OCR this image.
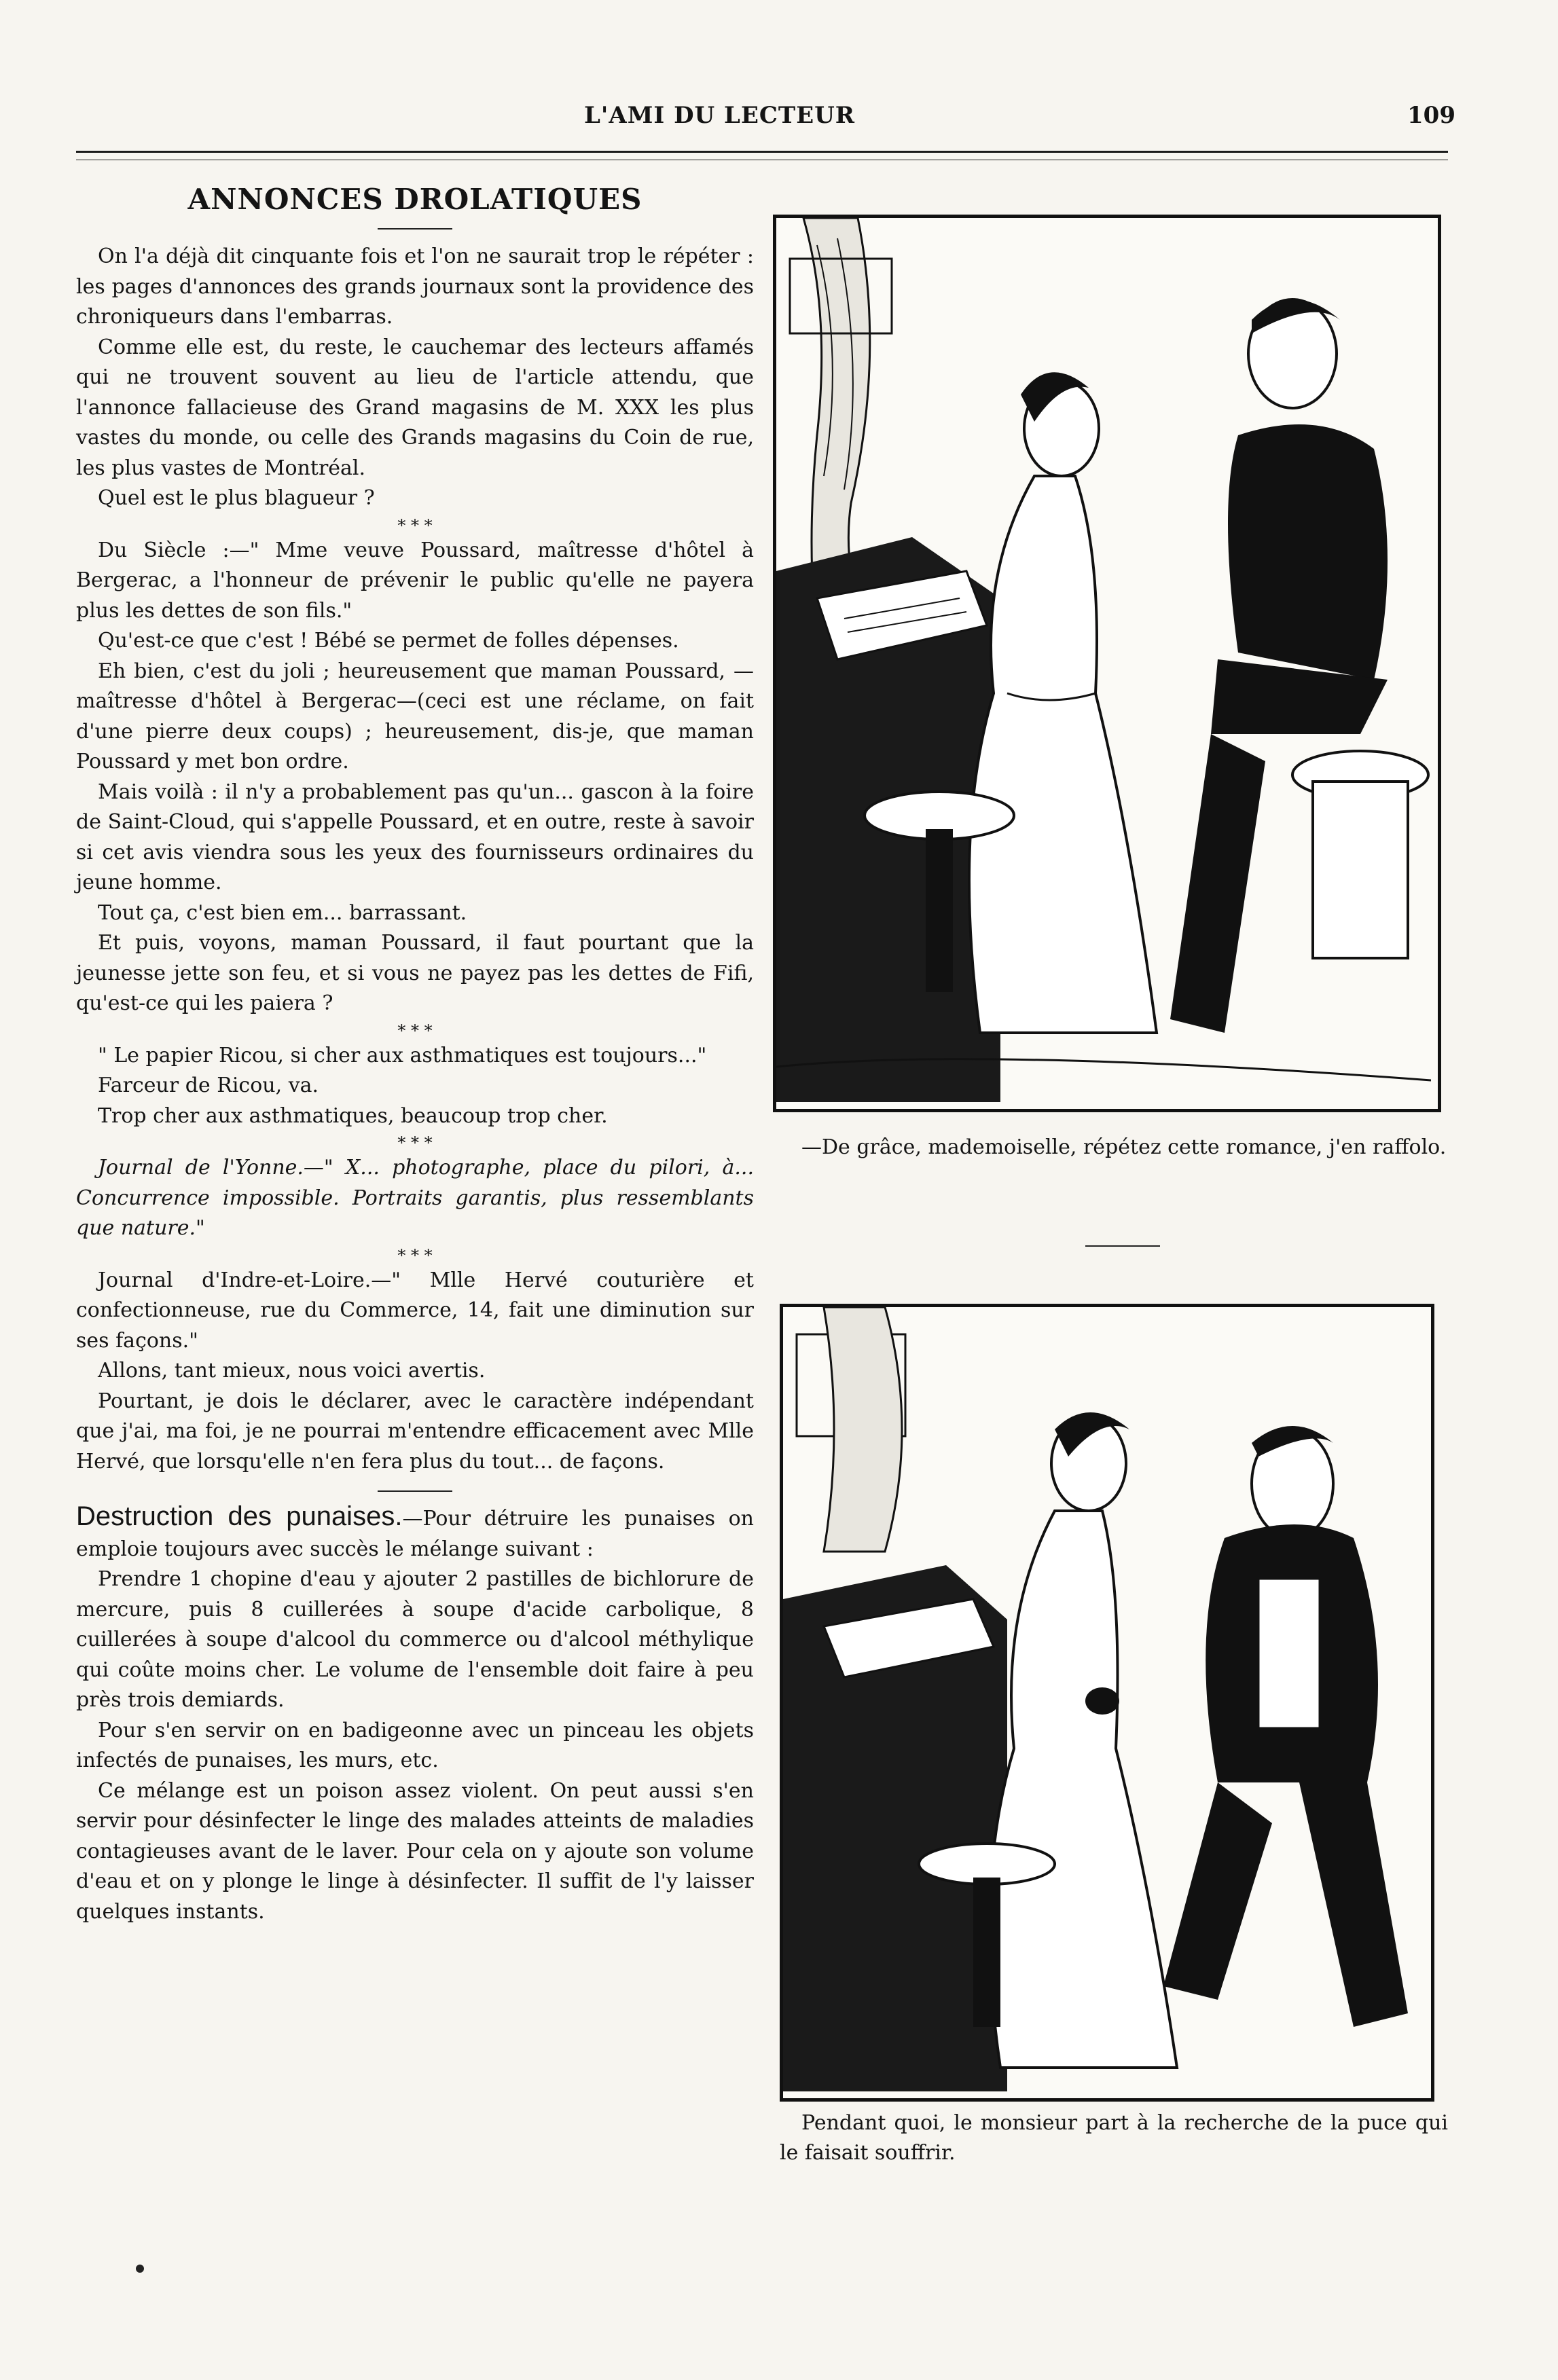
L'AMI DU LECTEUR	109
ANNONCES DROLATIQUES

On l'a déjà dit cinquante fois et l'on ne saurait trop le répéter : les pages d'annonces des grands journaux sont la providence des chroniqueurs dans l'embarras.

Comme elle est, du reste, le cauchemar des lecteurs affamés qui ne trouvent souvent au lieu de l'article attendu, que l'annonce fallacieuse des Grand magasins de M. XXX les plus vastes du monde, ou celle des Grands magasins du Coin de rue, les plus vastes de Montréal.

Quel est le plus blagueur ?

* * *

Du Siècle :—" Mme veuve Poussard, maîtresse d'hôtel à Bergerac, a l'honneur de prévenir le public qu'elle ne payera plus les dettes de son fils."

Qu'est-ce que c'est ! Bébé se permet de folles dépenses.

Eh bien, c'est du joli ; heureusement que maman Poussard, —maîtresse d'hôtel à Bergerac—(ceci est une réclame, on fait d'une pierre deux coups) ; heureusement, dis-je, que maman Poussard y met bon ordre.

Mais voilà : il n'y a probablement pas qu'un... gascon à la foire de Saint-Cloud, qui s'appelle Poussard, et en outre, reste à savoir si cet avis viendra sous les yeux des fournisseurs ordinaires du jeune homme.

Tout ça, c'est bien em... barrassant.

Et puis, voyons, maman Poussard, il faut pourtant que la jeunesse jette son feu, et si vous ne payez pas les dettes de Fifi, qu'est-ce qui les paiera ?

* * *

" Le papier Ricou, si cher aux asthmatiques est toujours..."

Farceur de Ricou, va.

Trop cher aux asthmatiques, beaucoup trop cher.

* * *

Journal de l'Yonne.—" X... photographe, place du pilori, à... Concurrence impossible. Portraits garantis, plus ressemblants que nature."

* * *

Journal d'Indre-et-Loire.—" Mlle Hervé couturière et confectionneuse, rue du Commerce, 14, fait une diminution sur ses façons."

Allons, tant mieux, nous voici avertis.

Pourtant, je dois le déclarer, avec le caractère indépendant que j'ai, ma foi, je ne pourrai m'entendre efficacement avec Mlle Hervé, que lorsqu'elle n'en fera plus du tout... de façons.

Destruction des punaises.—Pour détruire les punaises on emploie toujours avec succès le mélange suivant :

Prendre 1 chopine d'eau y ajouter 2 pastilles de bichlorure de mercure, puis 8 cuillerées à soupe d'acide carbolique, 8 cuillerées à soupe d'alcool du commerce ou d'alcool méthylique qui coûte moins cher. Le volume de l'ensemble doit faire à peu près trois demiards.

Pour s'en servir on en badigeonne avec un pinceau les objets infectés de punaises, les murs, etc.

Ce mélange est un poison assez violent. On peut aussi s'en servir pour désinfecter le linge des malades atteints de maladies contagieuses avant de le laver. Pour cela on y ajoute son volume d'eau et on y plonge le linge à désinfecter. Il suffit de l'y laisser quelques instants.

—De grâce, mademoiselle, répétez cette romance, j'en raffolo.
Pendant quoi, le monsieur part à la recherche de la puce qui le faisait souffrir.
